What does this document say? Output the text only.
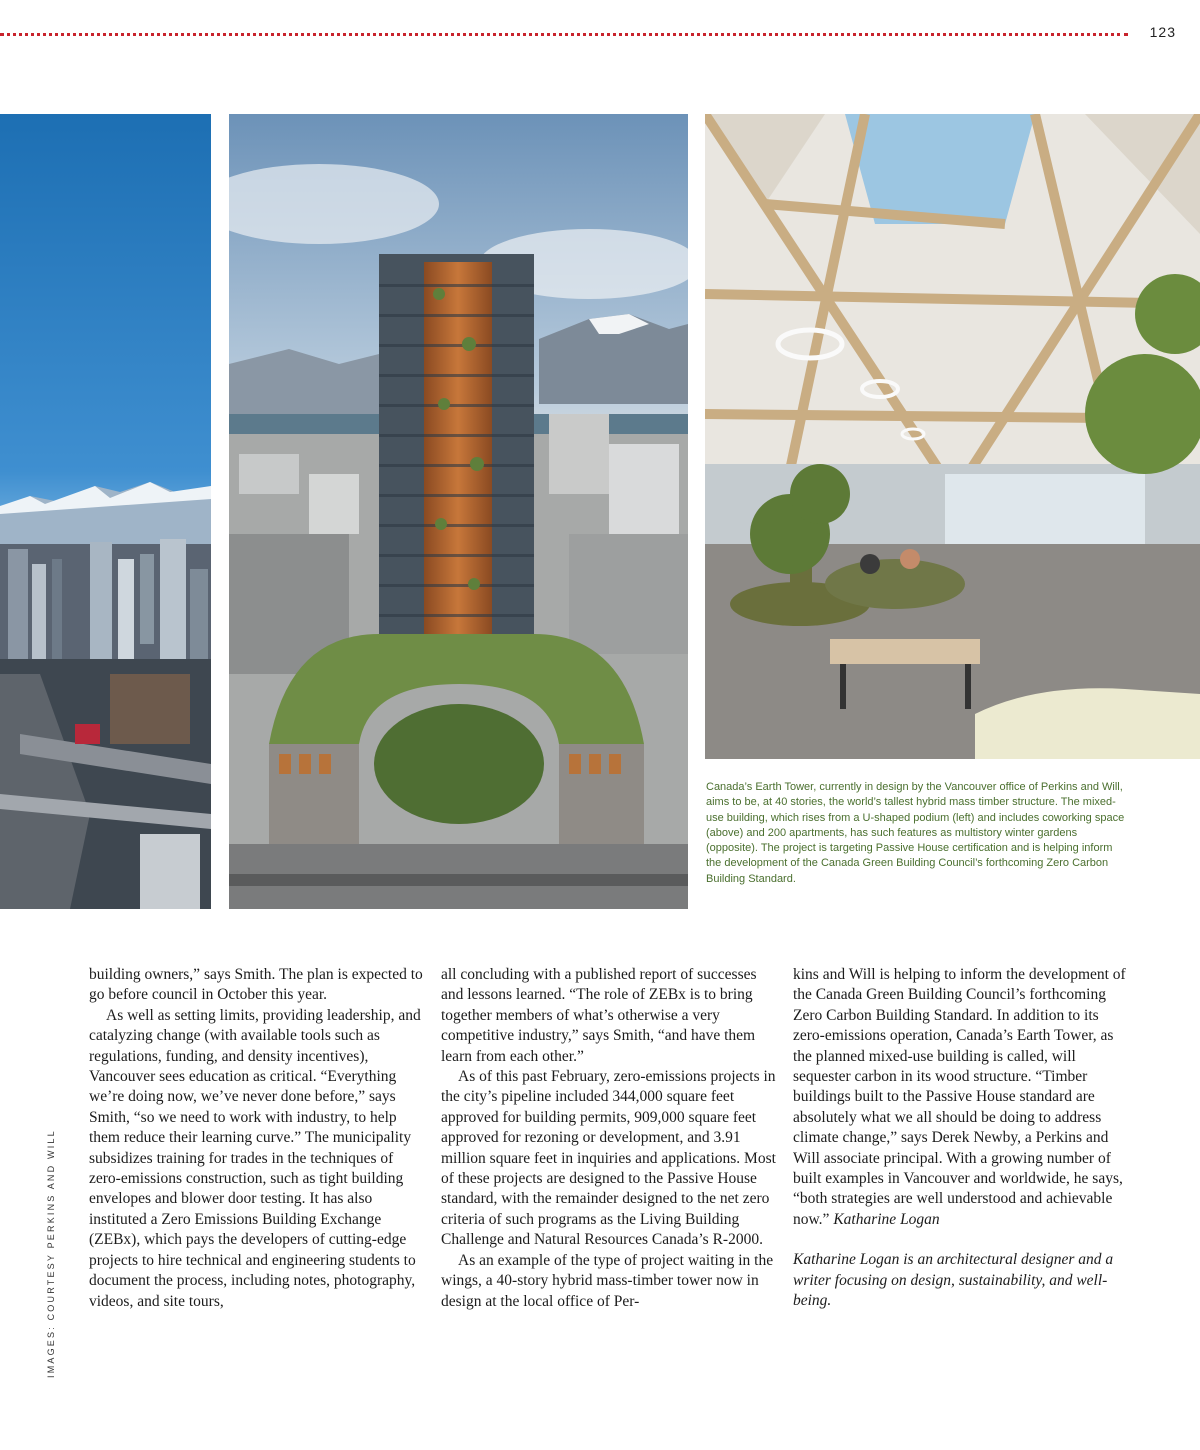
123

Canada’s Earth Tower, currently in design by the Vancouver office of Perkins and Will, aims to be, at 40 stories, the world’s tallest hybrid mass timber structure. The mixed-use building, which rises from a U-shaped podium (left) and includes coworking space (above) and 200 apartments, has such features as multistory winter gardens (opposite). The project is targeting Passive House certification and is helping inform the development of the Canada Green Building Council’s forthcoming Zero Carbon Building Standard.

IMAGES: COURTESY PERKINS AND WILL

building owners,” says Smith. The plan is expected to go before council in October this year.

As well as setting limits, providing leadership, and catalyzing change (with available tools such as regulations, funding, and density incentives), Vancouver sees education as critical. “Everything we’re doing now, we’ve never done before,” says Smith, “so we need to work with industry, to help them reduce their learning curve.” The municipality subsidizes training for trades in the techniques of zero-emissions construction, such as tight building envelopes and blower door testing. It has also instituted a Zero Emissions Building Exchange (ZEBx), which pays the developers of cutting-edge projects to hire technical and engineering students to document the process, including notes, photography, videos, and site tours,

all concluding with a published report of successes and lessons learned. “The role of ZEBx is to bring together members of what’s otherwise a very competitive industry,” says Smith, “and have them learn from each other.”

As of this past February, zero-emissions projects in the city’s pipeline included 344,000 square feet approved for building permits, 909,000 square feet approved for rezoning or development, and 3.91 million square feet in inquiries and applications. Most of these projects are designed to the Passive House standard, with the remainder designed to the net zero criteria of such programs as the Living Building Challenge and Natural Resources Canada’s R-2000.

As an example of the type of project waiting in the wings, a 40-story hybrid mass-timber tower now in design at the local office of Per-

kins and Will is helping to inform the development of the Canada Green Building Council’s forthcoming Zero Carbon Building Standard. In addition to its zero-emissions operation, Canada’s Earth Tower, as the planned mixed-use building is called, will sequester carbon in its wood structure. “Timber buildings built to the Passive House standard are absolutely what we all should be doing to address climate change,” says Derek Newby, a Perkins and Will associate principal. With a growing number of built examples in Vancouver and worldwide, he says, “both strategies are well understood and achievable now.” Katharine Logan

Katharine Logan is an architectural designer and a writer focusing on design, sustainability, and well-being.
